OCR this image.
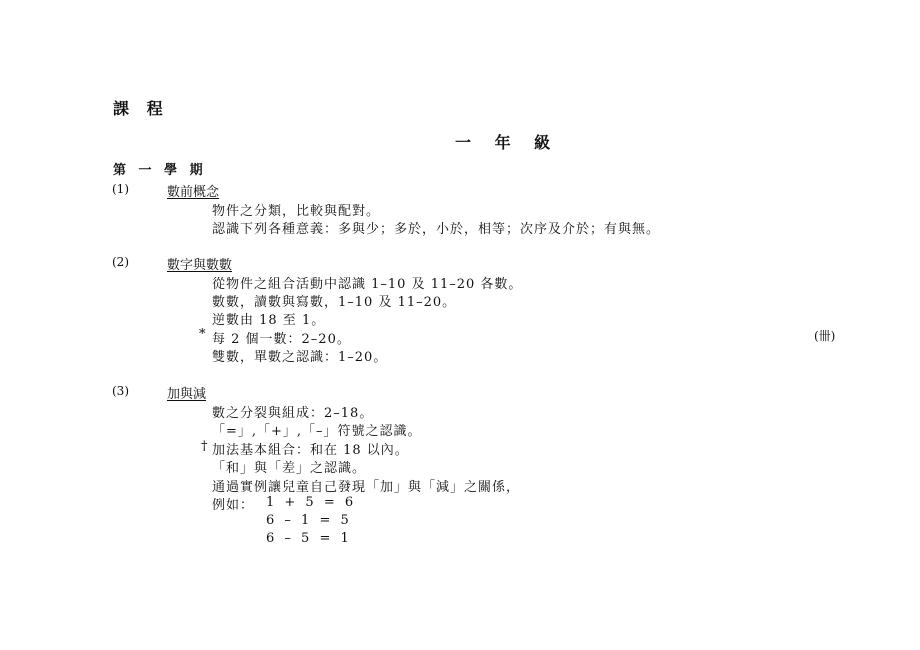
課 程
一 年 級
第 一 學 期
(1)	數前概念
物件之分類，比較與配對。
認識下列各種意義：多與少；多於，小於，相等；次序及介於；有與無。
(2)	數字與數數
從物件之組合活動中認識 1–10 及 11–20 各數。
數數，讀數與寫數，1–10 及 11–20。
逆數由 18 至 1。
* 每 2 個一數：2–20。	(卌)
雙數，單數之認識：1–20。
(3)	加與減
數之分裂與組成：2–18。
「=」,「+」,「–」符號之認識。
† 加法基本組合：和在 18 以內。
「和」與「差」之認識。
通過實例讓兒童自己發現「加」與「減」之關係，
例如： 1 + 5 = 6
6 – 1 = 5
6 – 5 = 1
